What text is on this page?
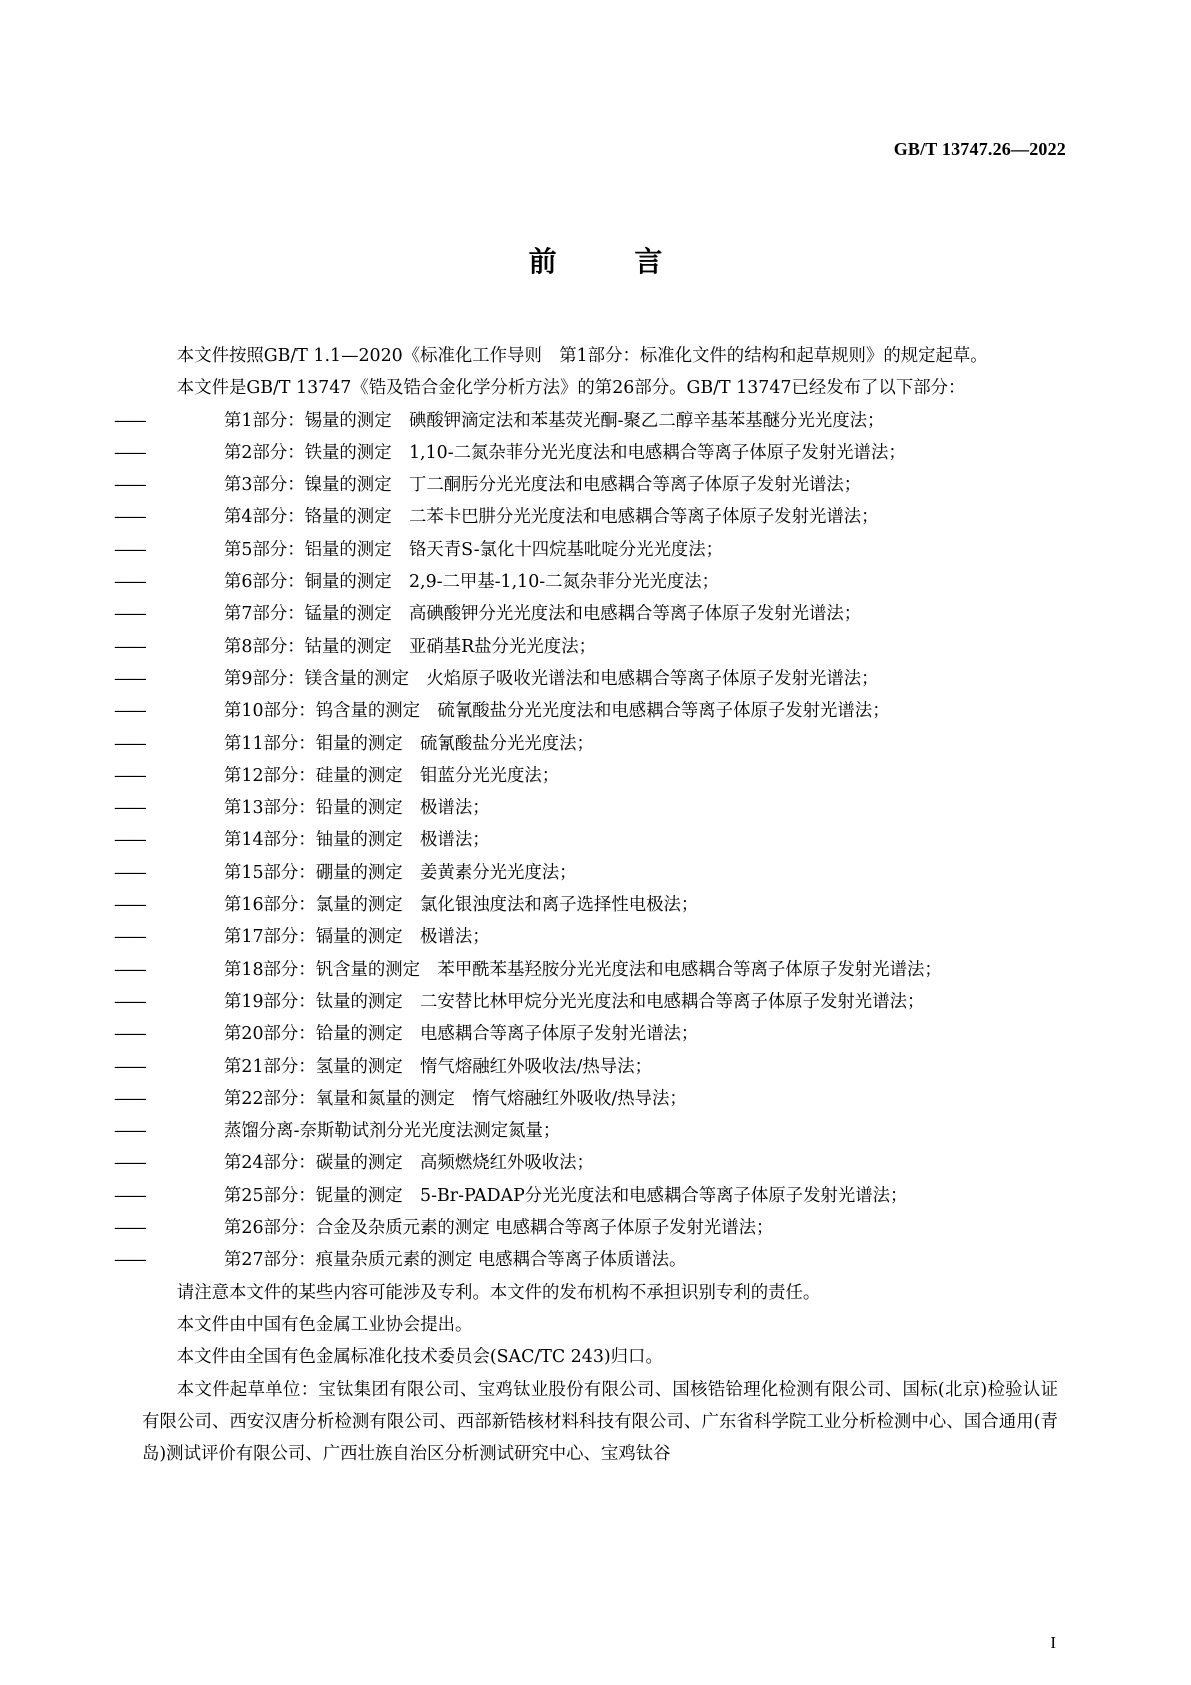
GB/T 13747.26—2022
前 言

本文件按照GB/T 1.1—2020《标准化工作导则　第1部分：标准化文件的结构和起草规则》的规定起草。

本文件是GB/T 13747《锆及锆合金化学分析方法》的第26部分。GB/T 13747已经发布了以下部分：

——	第1部分：锡量的测定　碘酸钾滴定法和苯基荧光酮-聚乙二醇辛基苯基醚分光光度法；
——	第2部分：铁量的测定　1,10-二氮杂菲分光光度法和电感耦合等离子体原子发射光谱法；
——	第3部分：镍量的测定　丁二酮肟分光光度法和电感耦合等离子体原子发射光谱法；
——	第4部分：铬量的测定　二苯卡巴肼分光光度法和电感耦合等离子体原子发射光谱法；
——	第5部分：铝量的测定　铬天青S-氯化十四烷基吡啶分光光度法；
——	第6部分：铜量的测定　2,9-二甲基-1,10-二氮杂菲分光光度法；
——	第7部分：锰量的测定　高碘酸钾分光光度法和电感耦合等离子体原子发射光谱法；
——	第8部分：钴量的测定　亚硝基R盐分光光度法；
——	第9部分：镁含量的测定　火焰原子吸收光谱法和电感耦合等离子体原子发射光谱法；
——	第10部分：钨含量的测定　硫氰酸盐分光光度法和电感耦合等离子体原子发射光谱法；
——	第11部分：钼量的测定　硫氰酸盐分光光度法；
——	第12部分：硅量的测定　钼蓝分光光度法；
——	第13部分：铅量的测定　极谱法；
——	第14部分：铀量的测定　极谱法；
——	第15部分：硼量的测定　姜黄素分光光度法；
——	第16部分：氯量的测定　氯化银浊度法和离子选择性电极法；
——	第17部分：镉量的测定　极谱法；
——	第18部分：钒含量的测定　苯甲酰苯基羟胺分光光度法和电感耦合等离子体原子发射光谱法；
——	第19部分：钛量的测定　二安替比林甲烷分光光度法和电感耦合等离子体原子发射光谱法；
——	第20部分：铪量的测定　电感耦合等离子体原子发射光谱法；
——	第21部分：氢量的测定　惰气熔融红外吸收法/热导法；
——	第22部分：氧量和氮量的测定　惰气熔融红外吸收/热导法；
——	蒸馏分离-奈斯勒试剂分光光度法测定氮量；
——	第24部分：碳量的测定　高频燃烧红外吸收法；
——	第25部分：铌量的测定　5-Br-PADAP分光光度法和电感耦合等离子体原子发射光谱法；
——	第26部分：合金及杂质元素的测定 电感耦合等离子体原子发射光谱法；
——	第27部分：痕量杂质元素的测定 电感耦合等离子体质谱法。

请注意本文件的某些内容可能涉及专利。本文件的发布机构不承担识别专利的责任。

本文件由中国有色金属工业协会提出。

本文件由全国有色金属标准化技术委员会(SAC/TC 243)归口。

本文件起草单位：宝钛集团有限公司、宝鸡钛业股份有限公司、国核锆铪理化检测有限公司、国标(北京)检验认证有限公司、西安汉唐分析检测有限公司、西部新锆核材料科技有限公司、广东省科学院工业分析检测中心、国合通用(青岛)测试评价有限公司、广西壮族自治区分析测试研究中心、宝鸡钛谷

I
